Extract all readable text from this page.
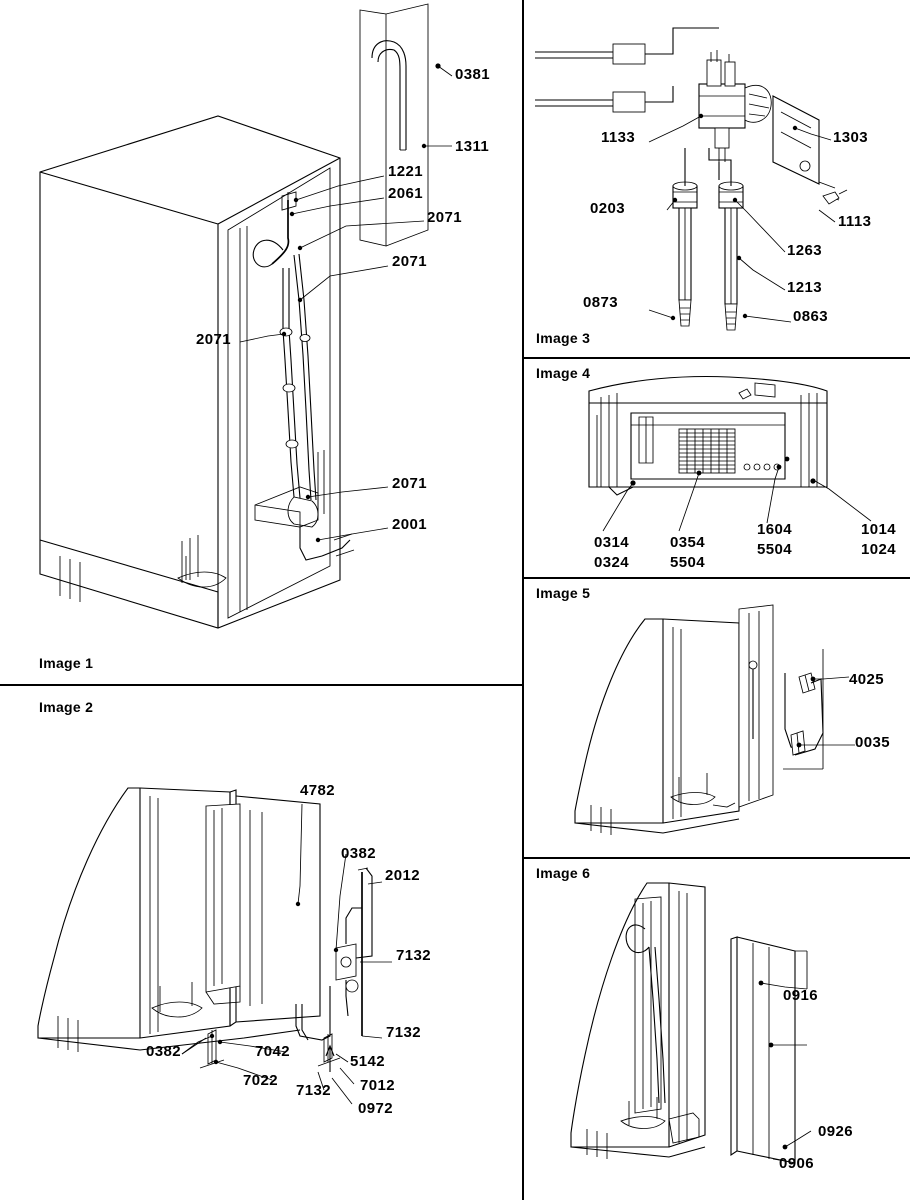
0381
1311
1221
2061
2071
2071
2071
2071
2001
Image 1
Image 2
4782
0382
2012
7132
7132
0382	7042
7022
7132
5142
7012
0972
1133	1303
0203
1113
1263
1213
0873
0863
Image 3
Image 4
0314
0324
0354
5504
1604
5504
1014
1024
Image 5
4025
0035
Image 6
0916
0926
0906
